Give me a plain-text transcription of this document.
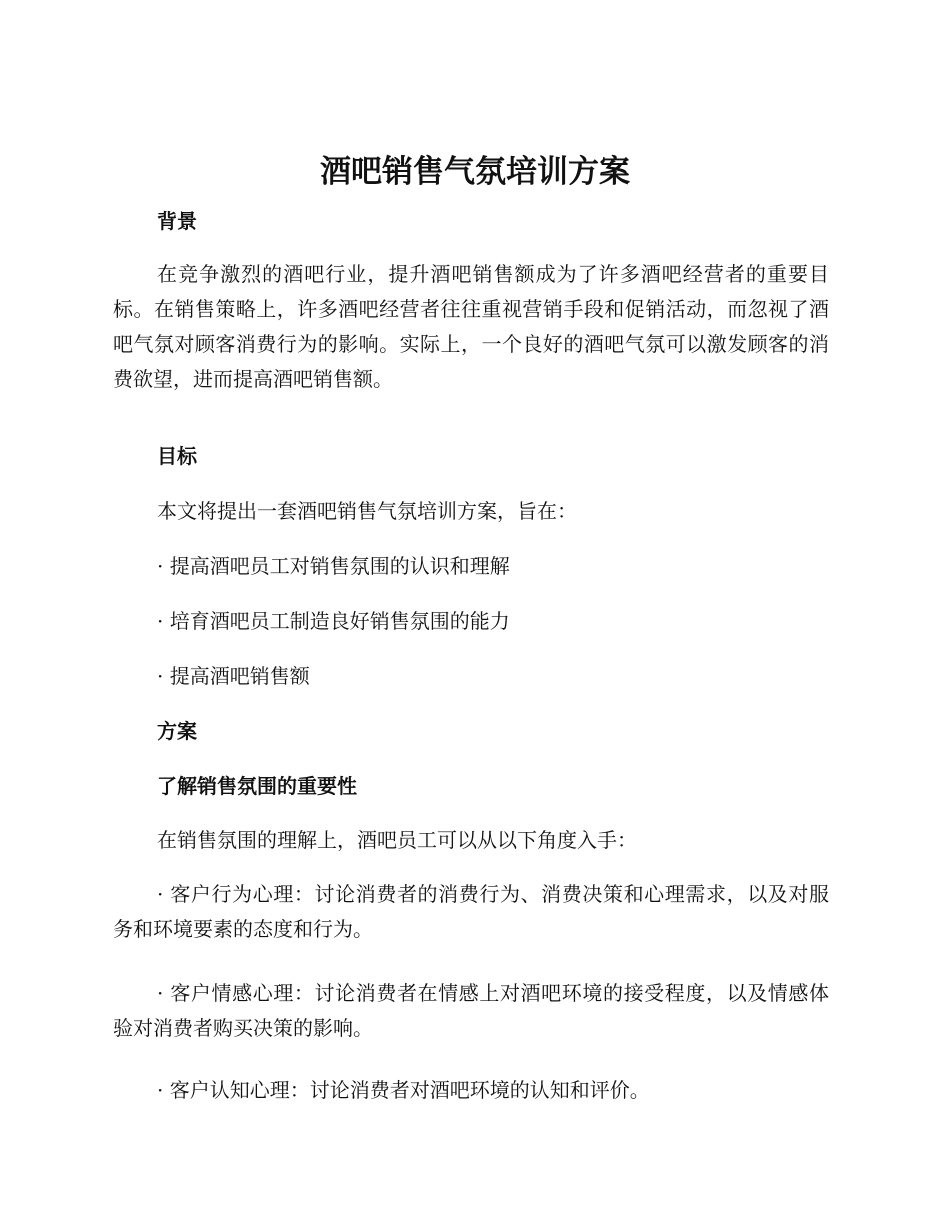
酒吧销售气氛培训方案
背景
在竞争激烈的酒吧行业，提升酒吧销售额成为了许多酒吧经营者的重要目标。在销售策略上，许多酒吧经营者往往重视营销手段和促销活动，而忽视了酒吧气氛对顾客消费行为的影响。实际上，一个良好的酒吧气氛可以激发顾客的消费欲望，进而提高酒吧销售额。
目标
本文将提出一套酒吧销售气氛培训方案，旨在：
· 提高酒吧员工对销售氛围的认识和理解
· 培育酒吧员工制造良好销售氛围的能力
· 提高酒吧销售额
方案
了解销售氛围的重要性
在销售氛围的理解上，酒吧员工可以从以下角度入手：
· 客户行为心理：讨论消费者的消费行为、消费决策和心理需求，以及对服务和环境要素的态度和行为。
· 客户情感心理：讨论消费者在情感上对酒吧环境的接受程度，以及情感体验对消费者购买决策的影响。
· 客户认知心理：讨论消费者对酒吧环境的认知和评价。
